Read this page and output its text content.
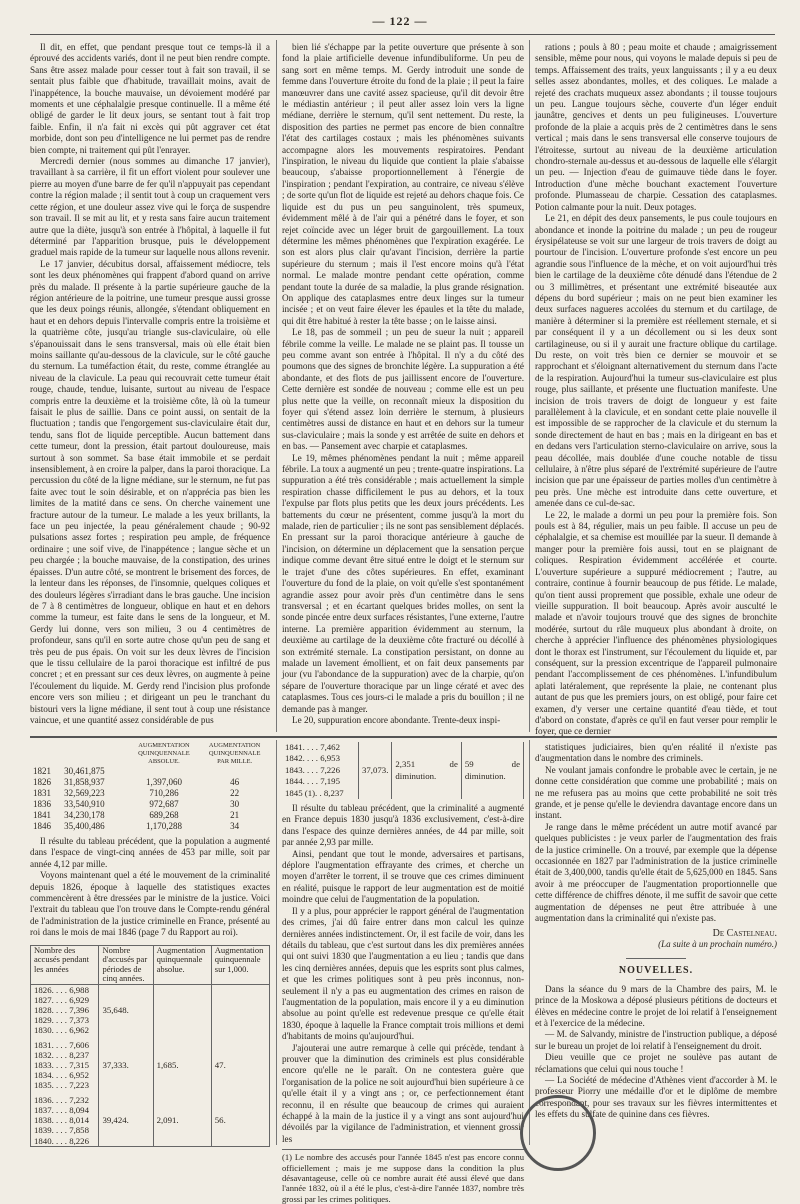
— 122 —

Il dit, en effet, que pendant presque tout ce temps-là il a éprouvé des accidents variés, dont il ne peut bien rendre compte. Sans être assez malade pour cesser tout à fait son travail, il se sentait plus faible que d'habitude, travaillait moins, avait de l'inappétence, la bouche mauvaise, un dévoiement modéré par moments et une céphalalgie presque continuelle. Il a même été obligé de garder le lit deux jours, se sentant tout à fait trop faible. Enfin, il n'a fait ni excès qui pût aggraver cet état morbide, dont son peu d'intelligence ne lui permet pas de rendre bien compte, ni traitement qui pût l'enrayer.

Mercredi dernier (nous sommes au dimanche 17 janvier), travaillant à sa carrière, il fit un effort violent pour soulever une pierre au moyen d'une barre de fer qu'il n'appuyait pas cependant contre la région malade ; il sentit tout à coup un craquement vers cette région, et une douleur assez vive qui le força de suspendre son travail. Il se mit au lit, et y resta sans faire aucun traitement autre que la diète, jusqu'à son entrée à l'hôpital, à laquelle il fut déterminé par l'apparition brusque, puis le développement graduel mais rapide de la tumeur sur laquelle nous allons revenir.

Le 17 janvier, décubitus dorsal, affaissement médiocre, tels sont les deux phénomènes qui frappent d'abord quand on arrive près du malade. Il présente à la partie supérieure gauche de la région antérieure de la poitrine, une tumeur presque aussi grosse que les deux poings réunis, allongée, s'étendant obliquement en haut et en dehors depuis l'intervalle compris entre la troisième et la quatrième côte, jusqu'au triangle sus-claviculaire, où elle s'épanouissait dans le sens transversal, mais où elle était bien moins saillante qu'au-dessous de la clavicule, sur le côté gauche du sternum. La tuméfaction était, du reste, comme étranglée au niveau de la clavicule. La peau qui recouvrait cette tumeur était rouge, chaude, tendue, luisante, surtout au niveau de l'espace compris entre la deuxième et la troisième côte, là où la tumeur faisait le plus de saillie. Dans ce point aussi, on sentait de la fluctuation ; tandis que l'engorgement sus-claviculaire était dur, tendu, sans flot de liquide perceptible. Aucun battement dans cette tumeur, dont la pression, était partout douloureuse, mais surtout à son sommet. Sa base était immobile et se perdait insensiblement, à en croire la palper, dans la paroi thoracique. La percussion du côté de la ligne médiane, sur le sternum, ne fut pas faite avec tout le soin désirable, et on n'apprécia pas bien les limites de la matité dans ce sens. On cherche vainement une fracture autour de la tumeur. Le malade a les yeux brillants, la face un peu injectée, la peau généralement chaude ; 90-92 pulsations assez fortes ; respiration peu ample, de fréquence ordinaire ; une soif vive, de l'inappétence ; langue sèche et un peu chargée ; la bouche mauvaise, de la constipation, des urines épaisses. D'un autre côté, se montrent le brisement des forces, de la lenteur dans les réponses, de l'insomnie, quelques coliques et des douleurs légères s'irradiant dans le bras gauche. Une incision de 7 à 8 centimètres de longueur, oblique en haut et en dehors comme la tumeur, est faite dans le sens de la longueur, et M. Gerdy lui donne, vers son milieu, 3 ou 4 centimètres de profondeur, sans qu'il en sorte autre chose qu'un peu de sang et très peu de pus épais. On voit sur les deux lèvres de l'incision que le tissu cellulaire de la paroi thoracique est infiltré de pus concret ; et en pressant sur ces deux lèvres, on augmente à peine l'écoulement du liquide. M. Gerdy rend l'incision plus profonde encore vers son milieu ; et dirigeant un peu le tranchant du bistouri vers la ligne médiane, il sent tout à coup une résistance vaincue, et une quantité assez considérable de pus

bien lié s'échappe par la petite ouverture que présente à son fond la plaie artificielle devenue infundibuliforme. Un peu de sang sort en même temps. M. Gerdy introduit une sonde de femme dans l'ouverture étroite du fond de la plaie ; il peut la faire manœuvrer dans une cavité assez spacieuse, qu'il dit devoir être le médiastin antérieur ; il peut aller assez loin vers la ligne médiane, derrière le sternum, qu'il sent nettement. Du reste, la disposition des parties ne permet pas encore de bien connaître l'état des cartilages costaux ; mais les phénomènes suivants accompagne alors les mouvements respiratoires. Pendant l'inspiration, le niveau du liquide que contient la plaie s'abaisse beaucoup, s'abaisse proportionnellement à l'énergie de l'inspiration ; pendant l'expiration, au contraire, ce niveau s'élève ; de sorte qu'un flot de liquide est rejeté au dehors chaque fois. Ce liquide est du pus un peu sanguinolent, très spumeux, évidemment mêlé à de l'air qui a pénétré dans le foyer, et son rejet coïncide avec un léger bruit de gargouillement. La toux détermine les mêmes phénomènes que l'expiration exagérée. Le son est alors plus clair qu'avant l'incision, derrière la partie supérieure du sternum ; mais il l'est encore moins qu'à l'état normal. Le malade montre pendant cette opération, comme pendant toute la durée de sa maladie, la plus grande résignation. On applique des cataplasmes entre deux linges sur la tumeur incisée ; et on veut faire élever les épaules et la tête du malade, qui dit être habitué à rester la tête basse ; on le laisse ainsi.

Le 18, pas de sommeil ; un peu de sueur la nuit ; appareil fébrile comme la veille. Le malade ne se plaint pas. Il tousse un peu comme avant son entrée à l'hôpital. Il n'y a du côté des poumons que des signes de bronchite légère. La suppuration a été abondante, et des flots de pus jaillissent encore de l'ouverture. Cette dernière est sondée de nouveau ; comme elle est un peu plus nette que la veille, on reconnaît mieux la disposition du foyer qui s'étend assez loin derrière le sternum, à plusieurs centimètres aussi de distance en haut et en dehors sur la tumeur sus-claviculaire ; mais la sonde y est arrêtée de suite en dehors et en bas. — Pansement avec charpie et cataplasmes.

Le 19, mêmes phénomènes pendant la nuit ; même appareil fébrile. La toux a augmenté un peu ; trente-quatre inspirations. La suppuration a été très considérable ; mais actuellement la simple respiration chasse difficilement le pus au dehors, et la toux l'expulse par flots plus petits que les deux jours précédents. Les battements du cœur ne présentent, comme jusqu'à la mort du malade, rien de particulier ; ils ne sont pas sensiblement déplacés. En pressant sur la paroi thoracique antérieure à gauche de l'incision, on détermine un déplacement que la sensation perçue indique comme devant être situé entre le doigt et le sternum sur le trajet d'une des côtes supérieures. En effet, examinant l'ouverture du fond de la plaie, on voit qu'elle s'est spontanément agrandie assez pour avoir près d'un centimètre dans le sens transversal ; et en écartant quelques brides molles, on sent la sonde pincée entre deux surfaces résistantes, l'une externe, l'autre interne. La première apparition évidemment au sternum, la deuxième au cartilage de la deuxième côte fracturé ou décollé à son extrémité sternale. La constipation persistant, on donne au malade un lavement émollient, et on fait deux pansements par jour (vu l'abondance de la suppuration) avec de la charpie, qu'on sépare de l'ouverture thoracique par un linge cératé et avec des cataplasmes. Tous ces jours-ci le malade a pris du bouillon ; il ne demande pas à manger.

Le 20, suppuration encore abondante. Trente-deux inspi-

rations ; pouls à 80 ; peau moite et chaude ; amaigrissement sensible, même pour nous, qui voyons le malade depuis si peu de temps. Affaissement des traits, yeux languissants ; il y a eu deux selles assez abondantes, molles, et des coliques. Le malade a rejeté des crachats muqueux assez abondants ; il tousse toujours un peu. Langue toujours sèche, couverte d'un léger enduit jaunâtre, gencives et dents un peu fuligineuses. L'ouverture profonde de la plaie a acquis près de 2 centimètres dans le sens vertical ; mais dans le sens transversal elle conserve toujours de l'étroitesse, surtout au niveau de la deuxième articulation chondro-sternale au-dessus et au-dessous de laquelle elle s'élargit un peu. — Injection d'eau de guimauve tiède dans le foyer. Introduction d'une mèche bouchant exactement l'ouverture profonde. Plumasseau de charpie. Cessation des cataplasmes. Potion calmante pour la nuit. Deux potages.

Le 21, en dépit des deux pansements, le pus coule toujours en abondance et inonde la poitrine du malade ; un peu de rougeur érysipélateuse se voit sur une largeur de trois travers de doigt au pourtour de l'incision. L'ouverture profonde s'est encore un peu agrandie sous l'influence de la mèche, et on voit aujourd'hui très bien le cartilage de la deuxième côte dénudé dans l'étendue de 2 ou 3 millimètres, et présentant une extrémité biseautée aux dépens du bord supérieur ; mais on ne peut bien examiner les deux surfaces nagueres accolées du sternum et du cartilage, de manière à déterminer si la première est réellement sternale, et si par conséquent il y a un décollement ou si les deux sont cartilagineuse, ou si il y aurait une fracture oblique du cartilage. Du reste, on voit très bien ce dernier se mouvoir et se rapprochant et s'éloignant alternativement du sternum dans l'acte de la respiration. Aujourd'hui la tumeur sus-claviculaire est plus rouge, plus saillante, et présente une fluctuation manifeste. Une incision de trois travers de doigt de longueur y est faite parallèlement à la clavicule, et en sondant cette plaie nouvelle il est impossible de se rapprocher de la clavicule et du sternum la sonde directement de haut en bas ; mais en la dirigeant en bas et en dedans vers l'articulation sterno-claviculaire on arrive, sous la peau décollée, mais doublée d'une couche notable de tissu cellulaire, à n'être plus séparé de l'extrémité supérieure de l'autre incision que par une épaisseur de parties molles d'un centimètre à peu près. Une mèche est introduite dans cette ouverture, et amenée dans ce cul-de-sac.

Le 22, le malade a dormi un peu pour la première fois. Son pouls est à 84, régulier, mais un peu faible. Il accuse un peu de céphalalgie, et sa chemise est mouillée par la sueur. Il demande à manger pour la première fois aussi, tout en se plaignant de coliques. Respiration évidemment accélérée et courte. L'ouverture supérieure a suppuré médiocrement ; l'autre, au contraire, continue à fournir beaucoup de pus fétide. Le malade, qu'on tient aussi proprement que possible, exhale une odeur de vieille suppuration. Il boit beaucoup. Après avoir ausculté le malade et n'avoir toujours trouvé que des signes de bronchite modérée, surtout du râle muqueux plus abondant à droite, on cherche à apprécier l'influence des phénomènes physiologiques dont le thorax est l'instrument, sur l'écoulement du liquide et, par conséquent, sur la pression excentrique de l'appareil pulmonaire pendant l'accomplissement de ces phénomènes. L'infundibulum aplati latéralement, que représente la plaie, ne contenant plus autant de pus que les premiers jours, on est obligé, pour faire cet examen, d'y verser une certaine quantité d'eau tiède, et tout d'abord on constate, d'après ce qu'il en faut verser pour remplir le foyer, que ce dernier

		AUGMENTATION QUINQUENNALE ABSOLUE.	AUGMENTATION QUINQUENNALE PAR MILLE.
1821	30,461,875		
1826	31,858,937	1,397,060	46
1831	32,569,223	710,286	22
1836	33,540,910	972,687	30
1841	34,230,178	689,268	21
1846	35,400,486	1,170,288	34

Il résulte du tableau précédent, que la population a augmenté dans l'espace de vingt-cinq années de 453 par mille, soit par année 4,12 par mille.

Voyons maintenant quel a été le mouvement de la criminalité depuis 1826, époque à laquelle des statistiques exactes commencèrent à être dressées par le ministre de la justice. Voici l'extrait du tableau que l'on trouve dans le Compte-rendu général de l'administration de la justice criminelle en France, présenté au roi dans le mois de mai 1846 (page 7 du Rapport au roi).

Nombre des accusés pendant les années	Nombre d'accusés par périodes de cinq années.	Augmentation quinquennale absolue.	Augmentation quinquennale sur 1,000.

1826. . . . 6,988
1827. . . . 6,929
1828. . . . 7,396
1829. . . . 7,373
1830. . . . 6,962	35,648.		

1831. . . . 7,606
1832. . . . 8,237
1833. . . . 7,315
1834. . . . 6,952
1835. . . . 7,223	37,333.	1,685.	47.

1836. . . . 7,232
1837. . . . 8,094
1838. . . . 8,014
1839. . . . 7,858
1840. . . . 8,226	39,424.	2,091.	56.
1841. . . . 7,462
1842. . . . 6,953
1843. . . . 7,226
1844. . . . 7,195
1845 (1). . 8,237
	37,073.	2,351 de diminution.	59 de diminution.

Il résulte du tableau précédent, que la criminalité a augmenté en France depuis 1830 jusqu'à 1836 exclusivement, c'est-à-dire dans l'espace des quinze dernières années, de 44 par mille, soit par année 2,93 par mille.

Ainsi, pendant que tout le monde, adversaires et partisans, déplore l'augmentation effrayante des crimes, et cherche un moyen d'arrêter le torrent, il se trouve que ces crimes diminuent en réalité, puisque le rapport de leur augmentation est de moitié moindre que celui de l'augmentation de la population.

Il y a plus, pour apprécier le rapport général de l'augmentation des crimes, j'ai dû faire entrer dans mon calcul les quinze dernières années indistinctement. Or, il est facile de voir, dans les détails du tableau, que c'est surtout dans les dix premières années qui ont suivi 1830 que l'augmentation a eu lieu ; tandis que dans les cinq dernières années, depuis que les esprits sont plus calmes, et que les crimes politiques sont à peu près inconnus, non-seulement il n'y a pas eu augmentation des crimes en raison de l'augmentation de la population, mais encore il y a eu diminution absolue au point qu'elle est redevenue presque ce qu'elle était 1830, époque à laquelle la France comptait trois millions et demi d'habitants de moins qu'aujourd'hui.

J'ajouterai une autre remarque à celle qui précède, tendant à prouver que la diminution des criminels est plus considérable encore qu'elle ne le paraît. On ne contestera guère que l'organisation de la police ne soit aujourd'hui bien supérieure à ce qu'elle était il y a vingt ans ; or, ce perfectionnement étant reconnu, il en résulte que beaucoup de crimes qui auraient échappé à la main de la justice il y a vingt ans sont aujourd'hui dévoilés par la vigilance de l'administration, et viennent grossir les

(1) Le nombre des accusés pour l'année 1845 n'est pas encore connu officiellement ; mais je me suppose dans la condition la plus désavantageuse, celle où ce nombre aurait été aussi élevé que dans l'année 1832, où il a été le plus, c'est-à-dire l'année 1837, nombre très grossi par les crimes politiques.

statistiques judiciaires, bien qu'en réalité il n'existe pas d'augmentation dans le nombre des criminels.

Ne voulant jamais confondre le probable avec le certain, je ne donne cette considération que comme une probabilité ; mais on ne me refusera pas au moins que cette probabilité ne soit très grande, et je pense qu'elle le deviendra davantage encore dans un instant.

Je range dans le même précédent un autre motif avancé par quelques publicistes : je veux parler de l'augmentation des frais de la justice criminelle. On a trouvé, par exemple que la dépense occasionnée en 1827 par l'administration de la justice criminelle était de 3,400,000, tandis qu'elle était de 5,625,000 en 1845. Sans avoir à me préoccuper de l'augmentation proportionnelle que cette différence de chiffres dénote, il me suffit de savoir que cette augmentation de dépenses ne peut être attribuée à une augmentation dans la criminalité qui n'existe pas.

De Castelneau.
(La suite à un prochain numéro.)
NOUVELLES.

Dans la séance du 9 mars de la Chambre des pairs, M. le prince de la Moskowa a déposé plusieurs pétitions de docteurs et élèves en médecine contre le projet de loi relatif à l'enseignement et à l'exercice de la médecine.

— M. de Salvandy, ministre de l'instruction publique, a déposé sur le bureau un projet de loi relatif à l'enseignement du droit.

Dieu veuille que ce projet ne soulève pas autant de réclamations que celui qui nous touche !

— La Société de médecine d'Athènes vient d'accorder à M. le professeur Piorry une médaille d'or et le diplôme de membre correspondant, pour ses travaux sur les fièvres intermittentes et les effets du sulfate de quinine dans ces fièvres.
